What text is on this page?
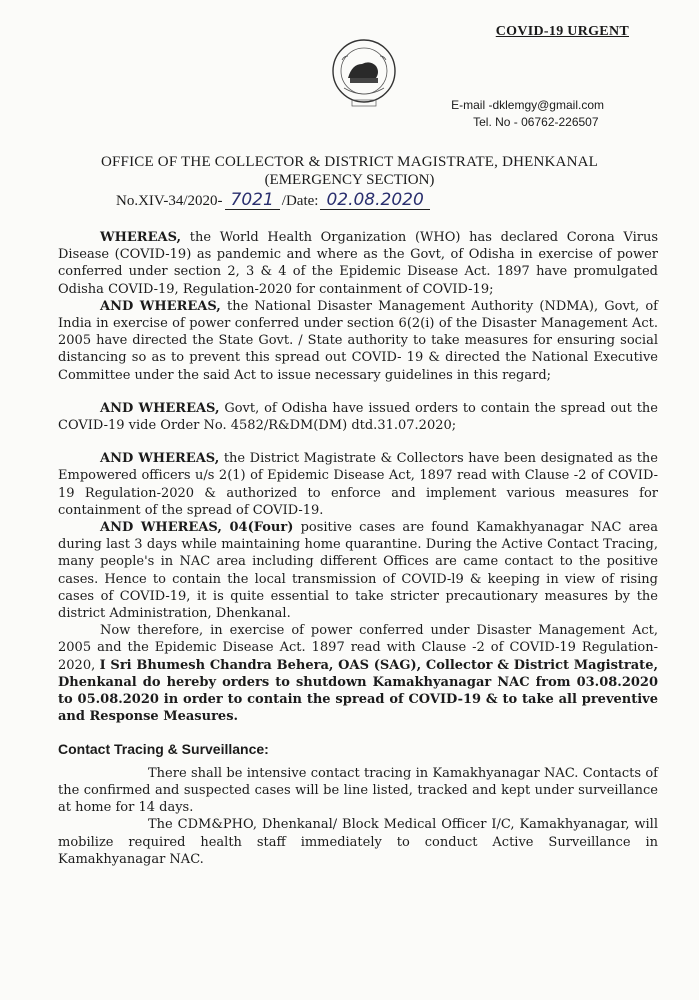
COVID-19 URGENT
E-mail -dklemgy@gmail.com
Tel. No - 06762-226507
OFFICE OF THE COLLECTOR & DISTRICT MAGISTRATE, DHENKANAL
(EMERGENCY SECTION)
No.XIV-34/2020- 7021 /Date: 02.08.2020

WHEREAS, the World Health Organization (WHO) has declared Corona Virus Disease (COVID-19) as pandemic and where as the Govt, of Odisha in exercise of power conferred under section 2, 3 & 4 of the Epidemic Disease Act. 1897 have promulgated Odisha COVID-19, Regulation-2020 for containment of COVID-19;

AND WHEREAS, the National Disaster Management Authority (NDMA), Govt, of India in exercise of power conferred under section 6(2(i) of the Disaster Management Act. 2005 have directed the State Govt. / State authority to take measures for ensuring social distancing so as to prevent this spread out COVID- 19 & directed the National Executive Committee under the said Act to issue necessary guidelines in this regard;

AND WHEREAS, Govt, of Odisha have issued orders to contain the spread out the COVID-19 vide Order No. 4582/R&DM(DM) dtd.31.07.2020;

AND WHEREAS, the District Magistrate & Collectors have been designated as the Empowered officers u/s 2(1) of Epidemic Disease Act, 1897 read with Clause -2 of COVID-19 Regulation-2020 & authorized to enforce and implement various measures for containment of the spread of COVID-19.

AND WHEREAS, 04(Four) positive cases are found Kamakhyanagar NAC area during last 3 days while maintaining home quarantine. During the Active Contact Tracing, many people's in NAC area including different Offices are came contact to the positive cases. Hence to contain the local transmission of COVID-l9 & keeping in view of rising cases of COVID-19, it is quite essential to take stricter precautionary measures by the district Administration, Dhenkanal.

Now therefore, in exercise of power conferred under Disaster Management Act, 2005 and the Epidemic Disease Act. 1897 read with Clause -2 of COVID-19 Regulation-2020, I Sri Bhumesh Chandra Behera, OAS (SAG), Collector & District Magistrate, Dhenkanal do hereby orders to shutdown Kamakhyanagar NAC from 03.08.2020 to 05.08.2020 in order to contain the spread of COVID-19 & to take all preventive and Response Measures.

Contact Tracing & Surveillance:

There shall be intensive contact tracing in Kamakhyanagar NAC. Contacts of the confirmed and suspected cases will be line listed, tracked and kept under surveillance at home for 14 days.

The CDM&PHO, Dhenkanal/ Block Medical Officer I/C, Kamakhyanagar, will mobilize required health staff immediately to conduct Active Surveillance in Kamakhyanagar NAC.
